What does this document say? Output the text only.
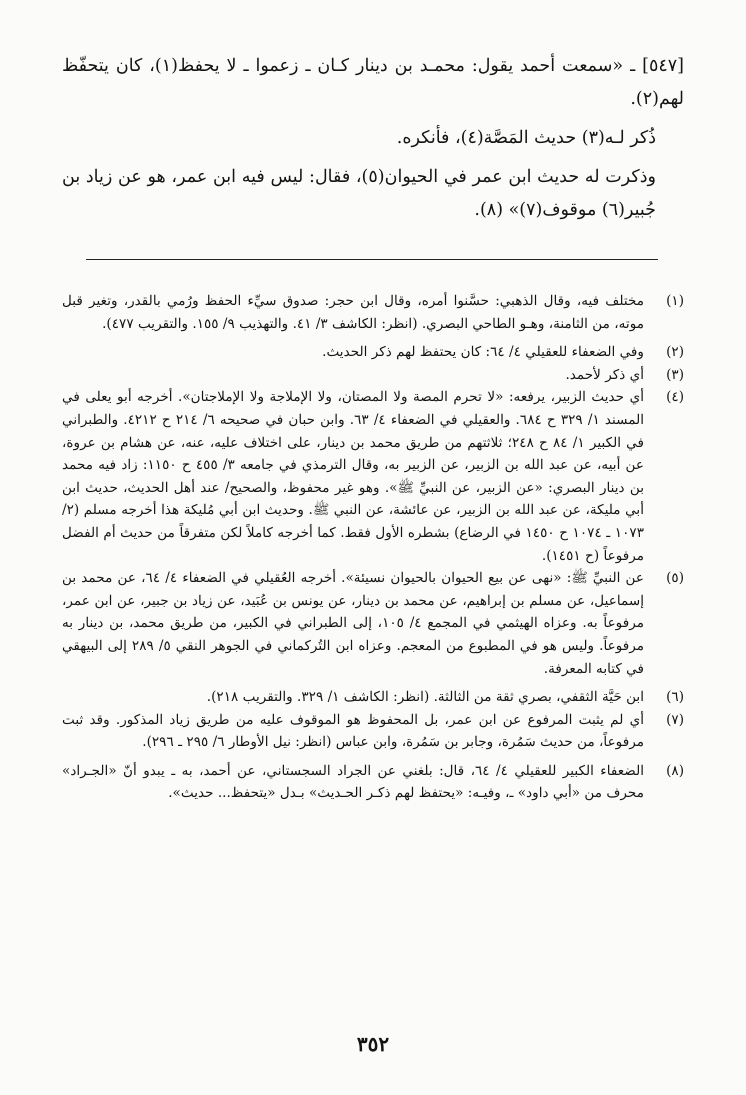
[٥٤٧] ـ «سمعت أحمد يقول: محمـد بن دينار كـان ـ زعموا ـ لا يحفظ(١)، كان يتحفّظ لهم(٢).

ذُكر لـه(٣) حديث المَصَّة(٤)، فأنكره.

وذكرت له حديث ابن عمر في الحيوان(٥)، فقال: ليس فيه ابن عمر، هو عن زياد بن جُبير(٦) موقوف(٧)» (٨).

(١)
مختلف فيه، وقال الذهبي: حسَّنوا أمره، وقال ابن حجر: صدوق سيِّء الحفظ ورُمي بالقدر، وتغير قبل موته، من الثامنة، وهـو الطاحي البصري. (انظر: الكاشف ٣/ ٤١. والتهذيب ٩/ ١٥٥. والتقريب ٤٧٧).
(٢)
وفي الضعفاء للعقيلي ٤/ ٦٤: كان يحتفظ لهم ذكر الحديث.
(٣)
أي ذكر لأحمد.
(٤)
أي حديث الزبير، يرفعه: «لا تحرم المصة ولا المصتان، ولا الإملاجة ولا الإملاجتان». أخرجه أبو يعلى في المسند ١/ ٣٢٩ ح ٦٨٤. والعقيلي في الضعفاء ٤/ ٦٣. وابن حبان في صحيحه ٦/ ٢١٤ ح ٤٢١٢. والطبراني في الكبير ١/ ٨٤ ح ٢٤٨؛ ثلاثتهم من طريق محمد بن دينار، على اختلاف عليه، عنه، عن هشام بن عروة، عن أبيه، عن عبد الله بن الزبير، عن الزبير به، وقال الترمذي في جامعه ٣/ ٤٥٥ ح ١١٥٠: زاد فيه محمد بن دينار البصري: «عن الزبير، عن النبيِّ ﷺ». وهو غير محفوظ، والصحيح/ عند أهل الحديث، حديث ابن أبي مليكة، عن عبد الله بن الزبير، عن عائشة، عن النبي ﷺ. وحديث ابن أبي مُليكة هذا أخرجه مسلم (٢/ ١٠٧٣ ـ ١٠٧٤ ح ١٤٥٠ في الرضاع) بشطره الأول فقط. كما أخرجه كاملاً لكن متفرقاً من حديث أم الفضل مرفوعاً (ح ١٤٥١).
(٥)
عن النبيِّ ﷺ: «نهى عن بيع الحيوان بالحيوان نسيئة». أخرجه العُقيلي في الضعفاء ٤/ ٦٤، عن محمد بن إسماعيل، عن مسلم بن إبراهيم، عن محمد بن دينار، عن يونس بن عُبَيد، عن زياد بن جبير، عن ابن عمر، مرفوعاً به. وعزاه الهيثمي في المجمع ٤/ ١٠٥، إلى الطبراني في الكبير، من طريق محمد، بن دينار به مرفوعاً. وليس هو في المطبوع من المعجم. وعزاه ابن التُركماني في الجوهر النقي ٥/ ٢٨٩ إلى البيهقي في كتابه المعرفة.
(٦)
ابن حَيَّة الثقفي، بصري ثقة من الثالثة. (انظر: الكاشف ١/ ٣٢٩. والتقريب ٢١٨).
(٧)
أي لم يثبت المرفوع عن ابن عمر، بل المحفوظ هو الموقوف عليه من طريق زياد المذكور. وقد ثبت مرفوعاً، من حديث سَمُرة، وجابر بن سَمُرة، وابن عباس (انظر: نيل الأوطار ٦/ ٢٩٥ ـ ٢٩٦).
(٨)
الضعفاء الكبير للعقيلي ٤/ ٦٤، قال: بلغني عن الجراد السجستاني، عن أحمد، به ـ يبدو أنّ «الجـراد» محرف من «أبي داود» ـ، وفيـه: «يحتفظ لهم ذكـر الحـديث» بـدل «يتحفظ... حديث».
٣٥٢
